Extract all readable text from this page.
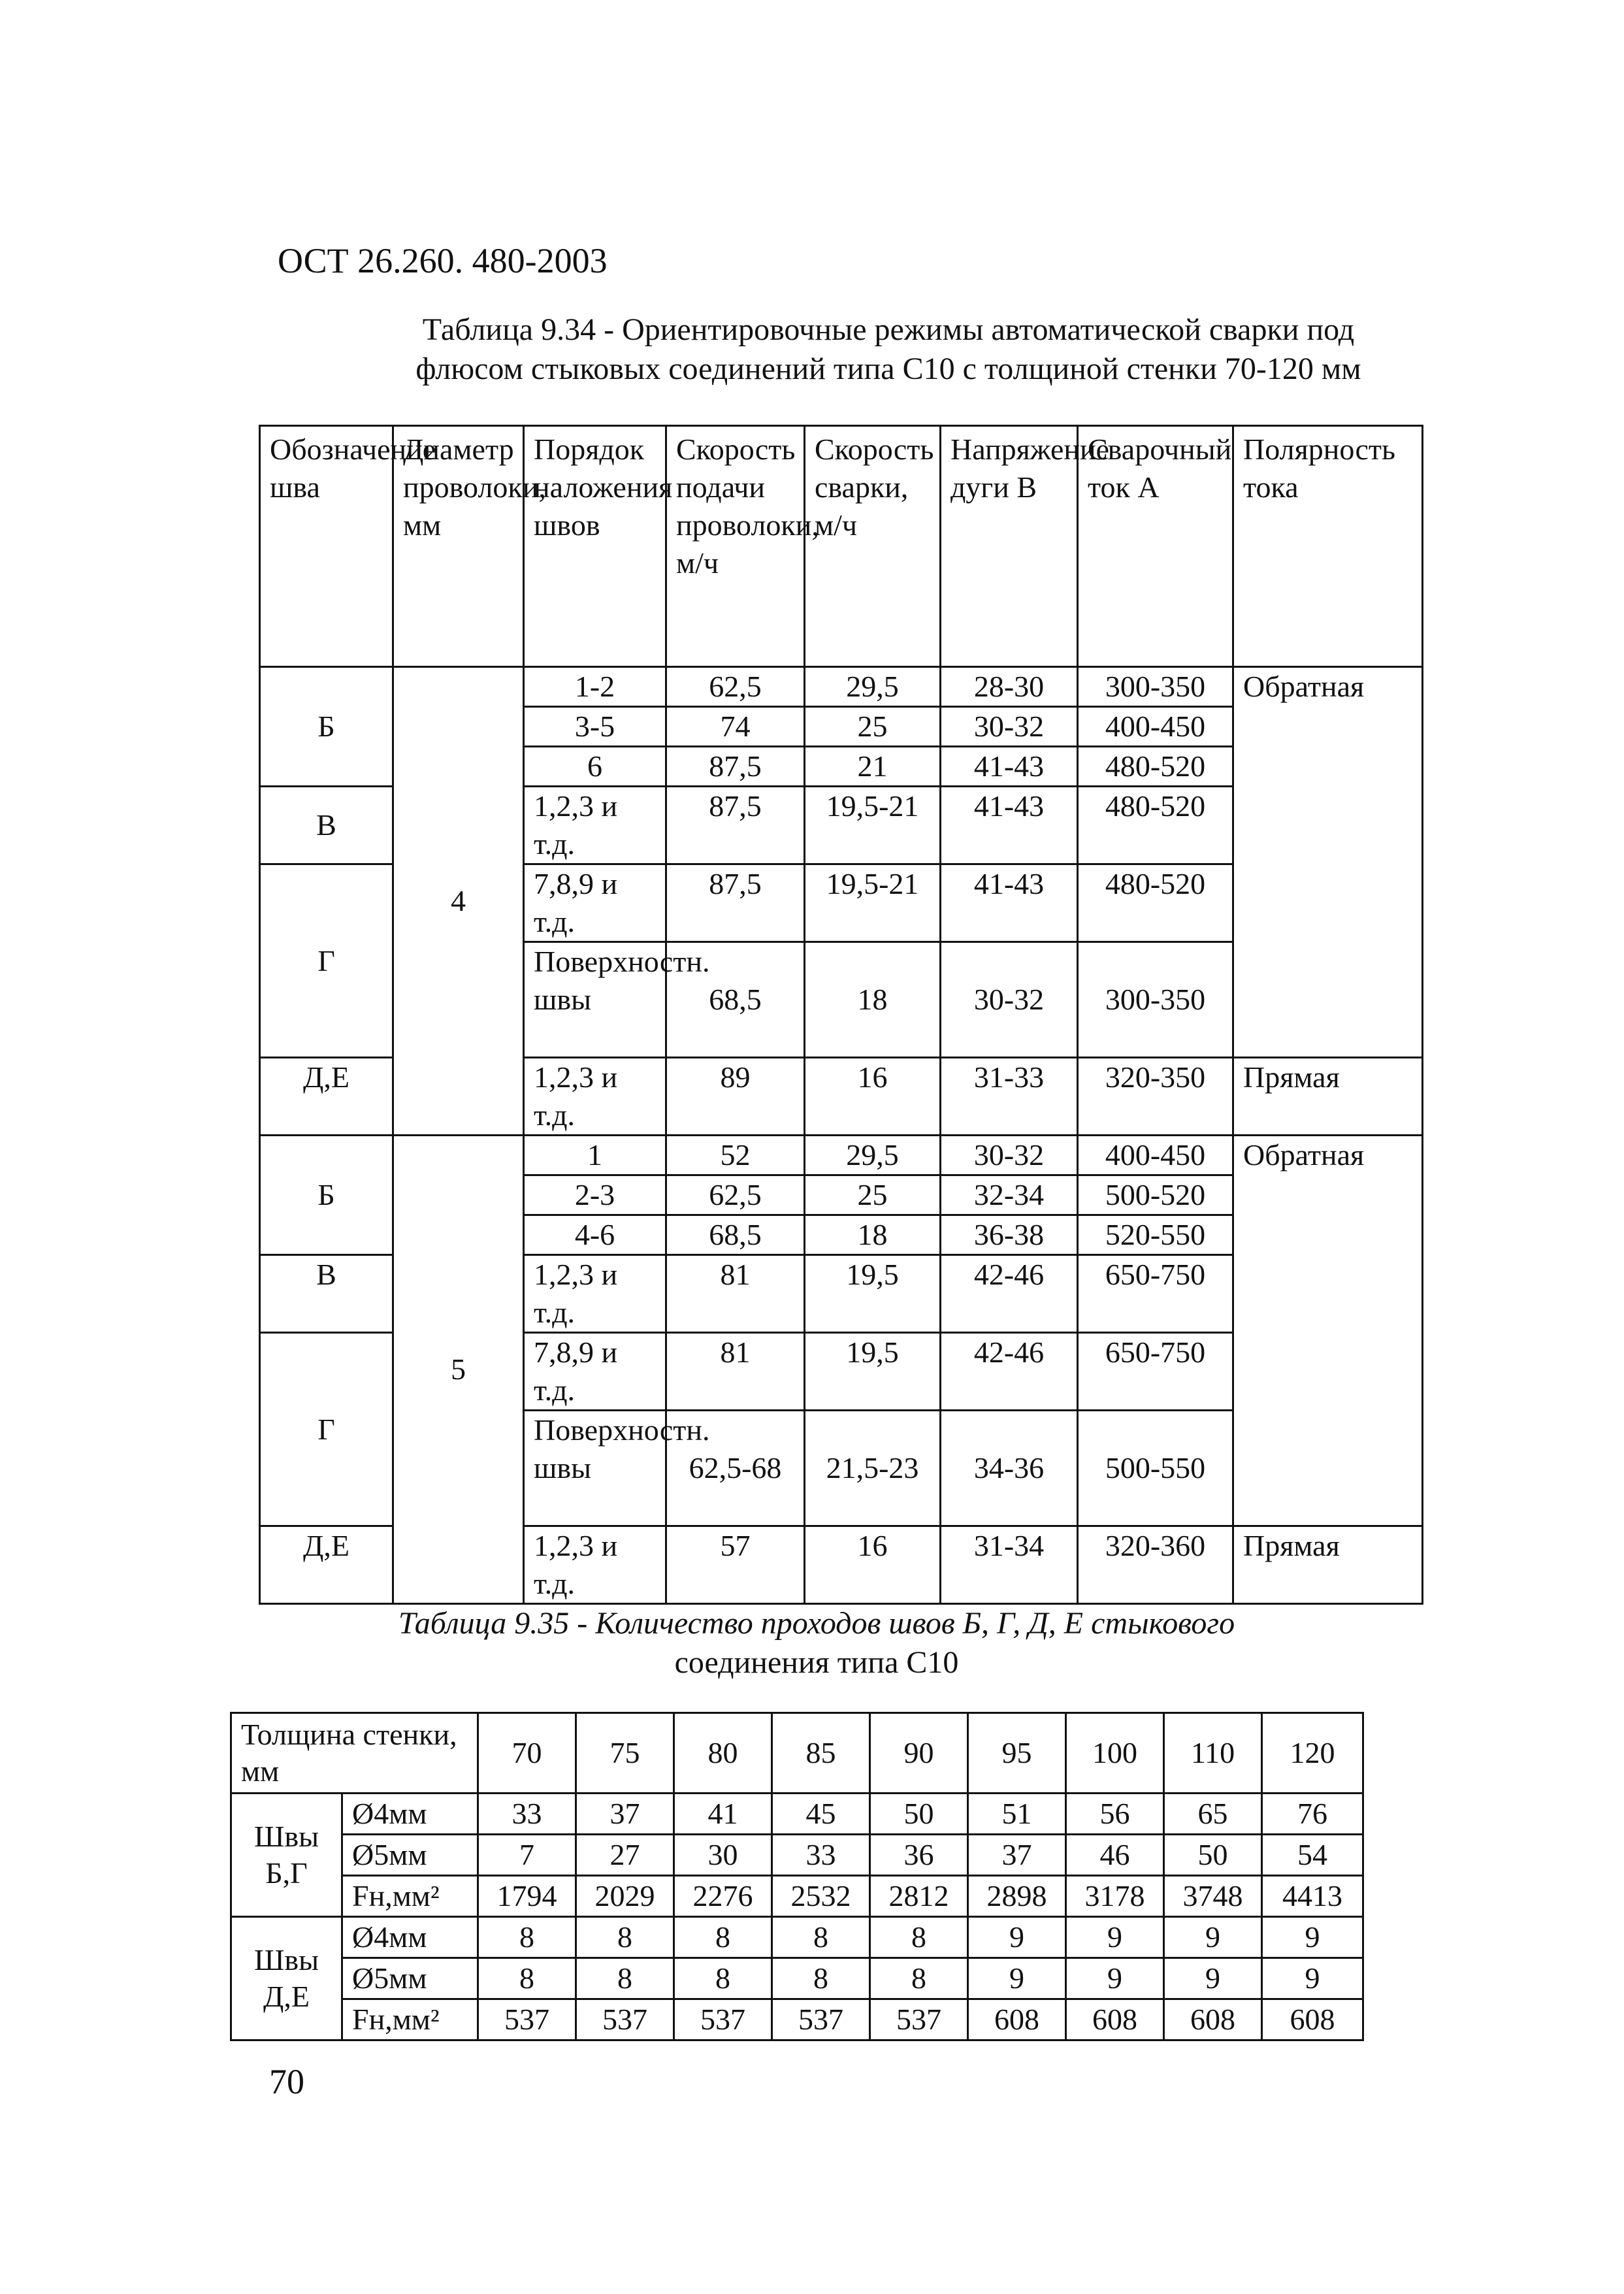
ОСТ 26.260. 480-2003
Таблица 9.34 - Ориентировочные режимы автоматической сварки под
флюсом стыковых соединений типа С10 с толщиной стенки 70-120 мм
Обозначение шва	Диаметр проволоки, мм	Порядок наложения швов	Скорость подачи проволоки, м/ч	Скорость сварки, м/ч	Напряжение дуги В	Сварочный ток А	Полярность тока
Б	4	1-2	62,5	29,5	28-30	300-350	Обратная
		3-5	74	25	30-32	400-450	
		6	87,5	21	41-43	480-520	
В		1,2,3 и т.д.	87,5	19,5-21	41-43	480-520	
Г		7,8,9 и т.д.	87,5	19,5-21	41-43	480-520	
		Поверхностн. швы	68,5	18	30-32	300-350	
Д,Е		1,2,3 и т.д.	89	16	31-33	320-350	Прямая
Б	5	1	52	29,5	30-32	400-450	Обратная
		2-3	62,5	25	32-34	500-520	
		4-6	68,5	18	36-38	520-550	
В		1,2,3 и т.д.	81	19,5	42-46	650-750	
Г		7,8,9 и т.д.	81	19,5	42-46	650-750	
		Поверхностн. швы	62,5-68	21,5-23	34-36	500-550	
Д,Е		1,2,3 и т.д.	57	16	31-34	320-360	Прямая
Таблица 9.35 - Количество проходов швов Б, Г, Д, Е стыкового
соединения типа С10
Толщина стенки, мм		70	75	80	85	90	95	100	110	120
Швы Б,Г	Ø4мм	33	37	41	45	50	51	56	65	76
	Ø5мм	7	27	30	33	36	37	46	50	54
	Fн,мм²	1794	2029	2276	2532	2812	2898	3178	3748	4413
Швы Д,Е	Ø4мм	8	8	8	8	8	9	9	9	9
	Ø5мм	8	8	8	8	8	9	9	9	9
	Fн,мм²	537	537	537	537	537	608	608	608	608
70
